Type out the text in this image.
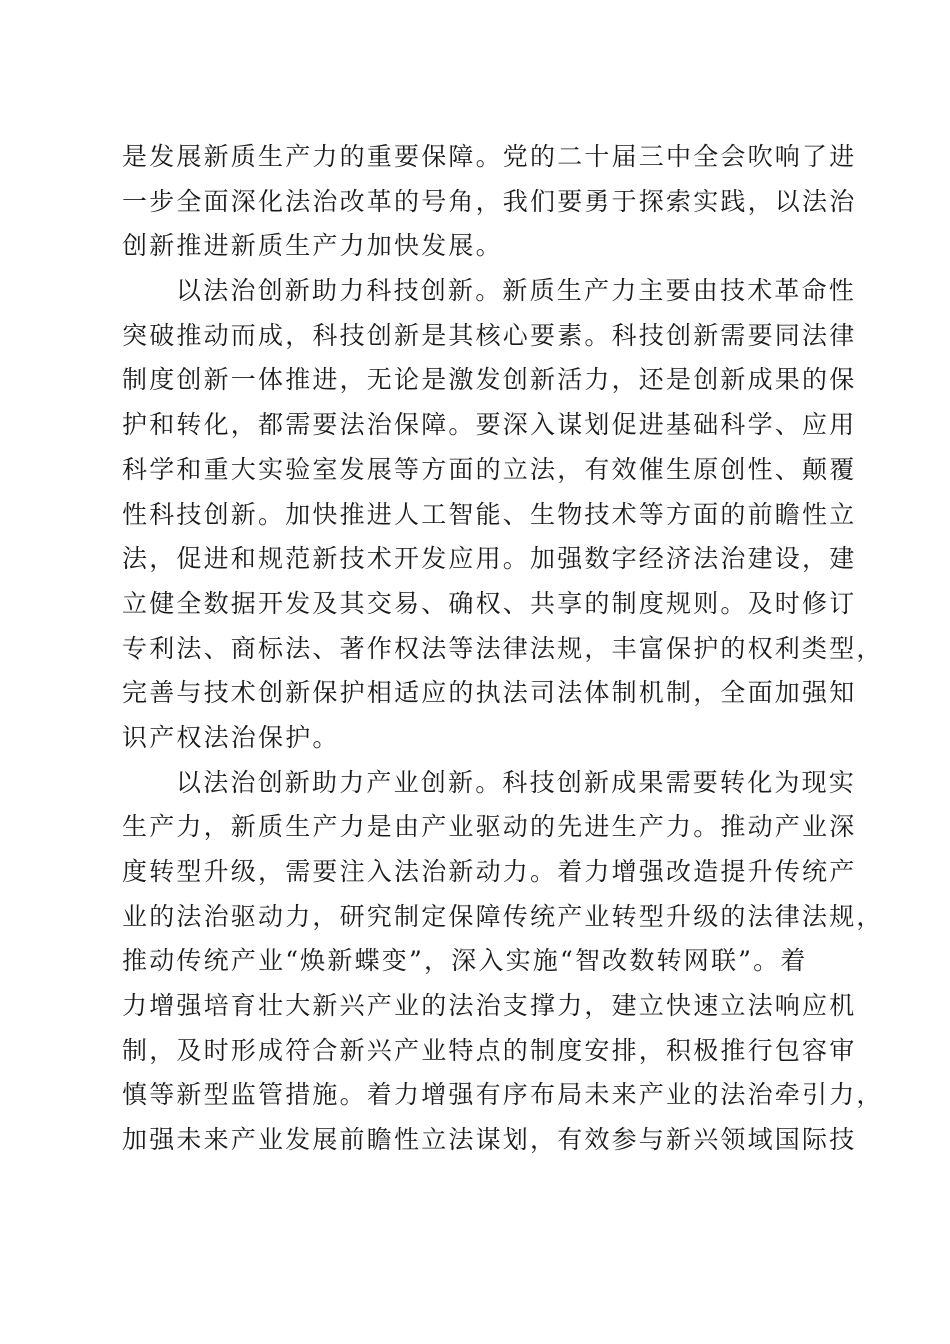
是发展新质生产力的重要保障。党的二十届三中全会吹响了进
一步全面深化法治改革的号角，我们要勇于探索实践，以法治
创新推进新质生产力加快发展。
以法治创新助力科技创新。新质生产力主要由技术革命性
突破推动而成，科技创新是其核心要素。科技创新需要同法律
制度创新一体推进，无论是激发创新活力，还是创新成果的保
护和转化，都需要法治保障。要深入谋划促进基础科学、应用
科学和重大实验室发展等方面的立法，有效催生原创性、颠覆
性科技创新。加快推进人工智能、生物技术等方面的前瞻性立
法，促进和规范新技术开发应用。加强数字经济法治建设，建
立健全数据开发及其交易、确权、共享的制度规则。及时修订
专利法、商标法、著作权法等法律法规，丰富保护的权利类型，
完善与技术创新保护相适应的执法司法体制机制，全面加强知
识产权法治保护。
以法治创新助力产业创新。科技创新成果需要转化为现实
生产力，新质生产力是由产业驱动的先进生产力。推动产业深
度转型升级，需要注入法治新动力。着力增强改造提升传统产
业的法治驱动力，研究制定保障传统产业转型升级的法律法规，
推动传统产业“焕新蝶变”，深入实施“智改数转网联”。着
力增强培育壮大新兴产业的法治支撑力，建立快速立法响应机
制，及时形成符合新兴产业特点的制度安排，积极推行包容审
慎等新型监管措施。着力增强有序布局未来产业的法治牵引力，
加强未来产业发展前瞻性立法谋划，有效参与新兴领域国际技
